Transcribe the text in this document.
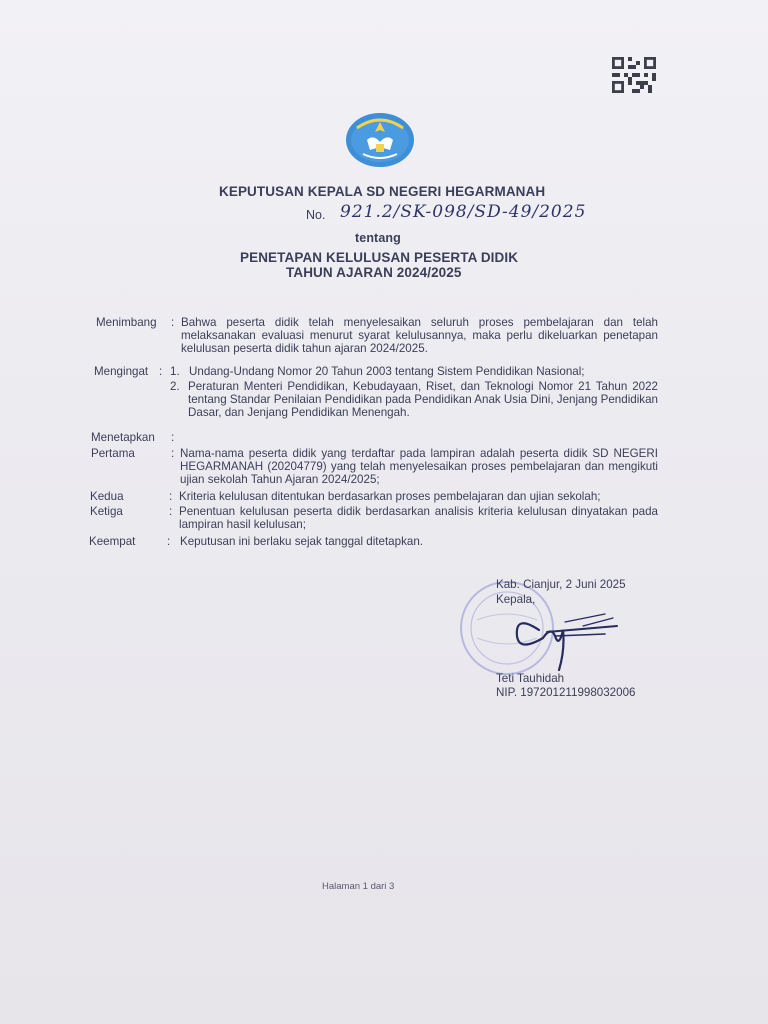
KEPUTUSAN KEPALA SD NEGERI HEGARMANAH
No. 921.2/SK-098/SD-49/2025
tentang
PENETAPAN KELULUSAN PESERTA DIDIK
TAHUN AJARAN 2024/2025
Menimbang : Bahwa peserta didik telah menyelesaikan seluruh proses pembelajaran dan telah melaksanakan evaluasi menurut syarat kelulusannya, maka perlu dikeluarkan penetapan kelulusan peserta didik tahun ajaran 2024/2025.
Mengingat : 1. Undang-Undang Nomor 20 Tahun 2003 tentang Sistem Pendidikan Nasional;
2. Peraturan Menteri Pendidikan, Kebudayaan, Riset, dan Teknologi Nomor 21 Tahun 2022 tentang Standar Penilaian Pendidikan pada Pendidikan Anak Usia Dini, Jenjang Pendidikan Dasar, dan Jenjang Pendidikan Menengah.
Menetapkan :
Pertama	: Nama-nama peserta didik yang terdaftar pada lampiran adalah peserta didik SD NEGERI HEGARMANAH (20204779) yang telah menyelesaikan proses pembelajaran dan mengikuti ujian sekolah Tahun Ajaran 2024/2025;
Kedua	: Kriteria kelulusan ditentukan berdasarkan proses pembelajaran dan ujian sekolah;
Ketiga	: Penentuan kelulusan peserta didik berdasarkan analisis kriteria kelulusan dinyatakan pada lampiran hasil kelulusan;
Keempat	: Keputusan ini berlaku sejak tanggal ditetapkan.
Kab. Cianjur, 2 Juni 2025
Kepala,
Teti Tauhidah
NIP. 197201211998032006
Halaman 1 dari 3
